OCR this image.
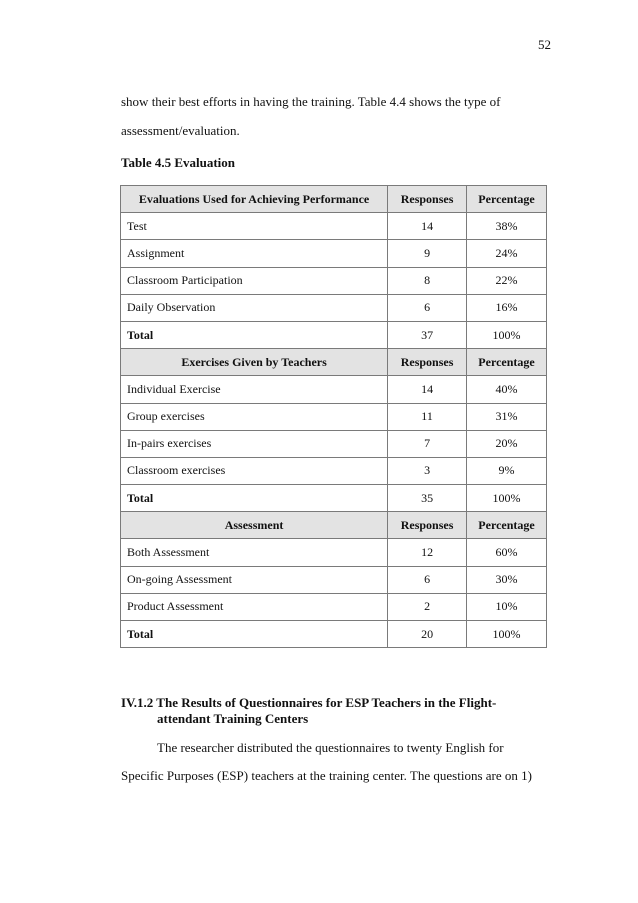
52

show their best efforts in having the training. Table 4.4 shows the type of

assessment/evaluation.

Table 4.5 Evaluation
Evaluations Used for Achieving Performance	Responses	Percentage
Test	14	38%
Assignment	9	24%
Classroom Participation	8	22%
Daily Observation	6	16%
Total	37	100%
Exercises Given by Teachers	Responses	Percentage
Individual Exercise	14	40%
Group exercises	11	31%
In-pairs exercises	7	20%
Classroom exercises	3	9%
Total	35	100%
Assessment	Responses	Percentage
Both Assessment	12	60%
On-going Assessment	6	30%
Product Assessment	2	10%
Total	20	100%
IV.1.2 The Results of Questionnaires for ESP Teachers in the Flight-
attendant Training Centers

The researcher distributed the questionnaires to twenty English for

Specific Purposes (ESP) teachers at the training center. The questions are on 1)
